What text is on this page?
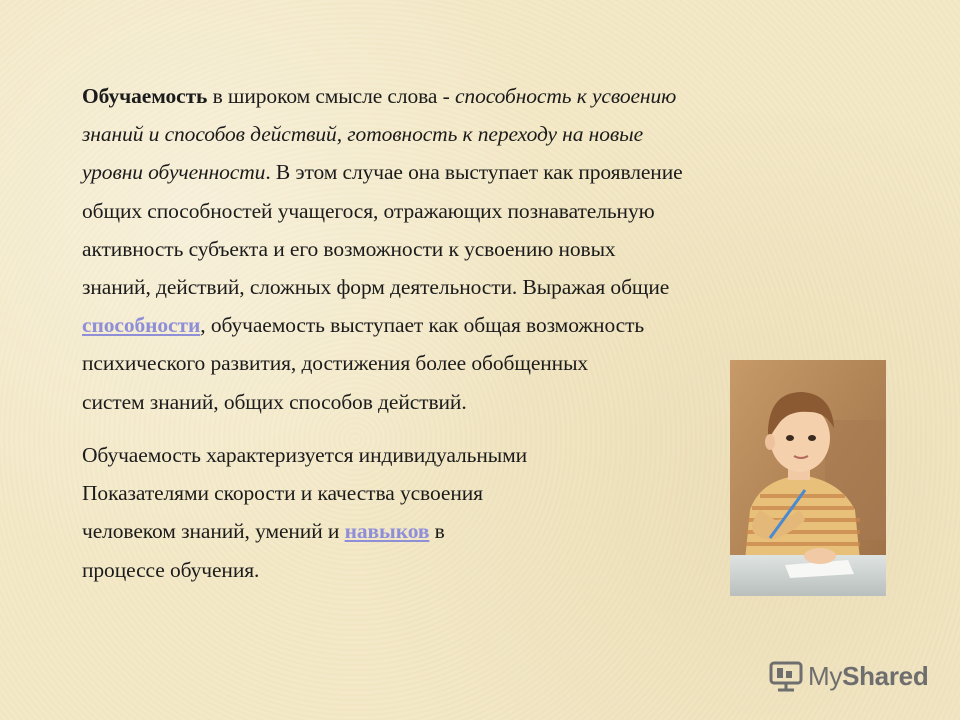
Обучаемость в широком смысле слова - способность к усвоению
знаний и способов действий, готовность к переходу на новые
уровни обученности. В этом случае она выступает как проявление
общих способностей учащегося, отражающих познавательную
активность субъекта и его возможности к усвоению новых
знаний, действий, сложных форм деятельности. Выражая общие
способности, обучаемость выступает как общая возможность
психического развития, достижения более обобщенных
систем знаний, общих способов действий.

Обучаемость характеризуется индивидуальными
Показателями скорости и качества усвоения
человеком знаний, умений и навыков в
процессе обучения.

MyShared
